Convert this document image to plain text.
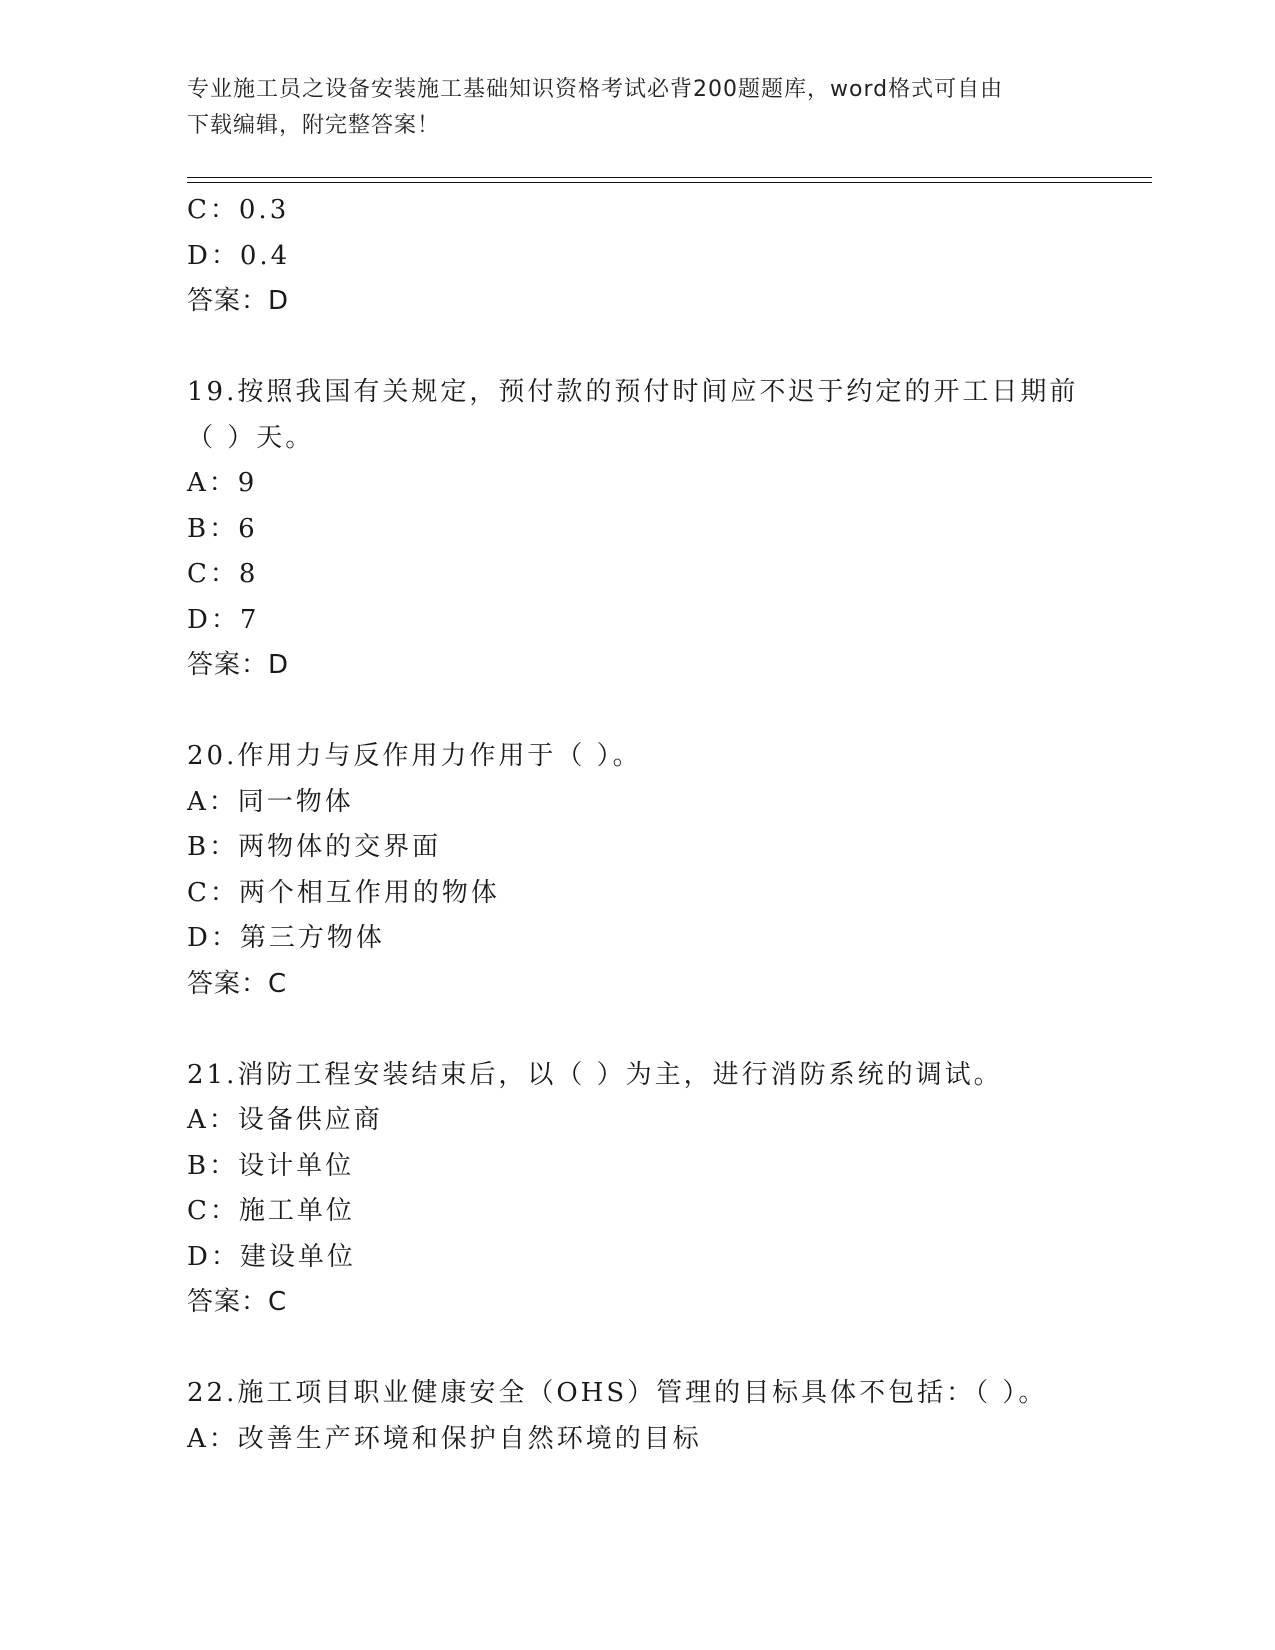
专业施工员之设备安装施工基础知识资格考试必背200题题库，word格式可自由
下载编辑，附完整答案！
C：0.3
D：0.4
答案：D
19.按照我国有关规定，预付款的预付时间应不迟于约定的开工日期前
（ ）天。
A：9
B：6
C：8
D：7
答案：D
20.作用力与反作用力作用于（ ）。
A：同一物体
B：两物体的交界面
C：两个相互作用的物体
D：第三方物体
答案：C
21.消防工程安装结束后，以（ ）为主，进行消防系统的调试。
A：设备供应商
B：设计单位
C：施工单位
D：建设单位
答案：C
22.施工项目职业健康安全（OHS）管理的目标具体不包括：（ ）。
A：改善生产环境和保护自然环境的目标
